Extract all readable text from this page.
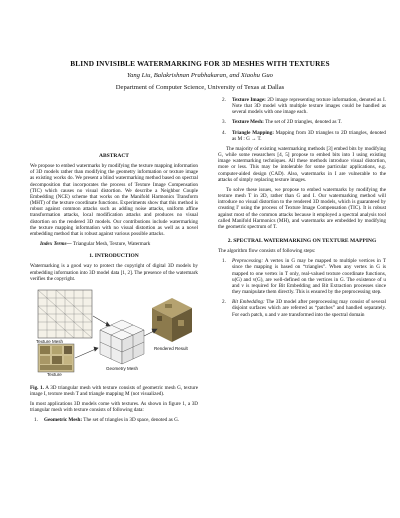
BLIND INVISIBLE WATERMARKING FOR 3D MESHES WITH TEXTURES
Yang Liu, Balakrishnan Prabhakaran, and Xiaohu Guo
Department of Computer Science, University of Texas at Dallas
ABSTRACT

We propose to embed watermarks by modifying the texture mapping information of 3D models rather than modifying the geometry information or texture image as existing works do. We present a blind watermarking method based on spectral decomposition that incorporates the process of Texture Image Compensation (TIC) which causes no visual distortion. We describe a Neighbor Couple Embedding (NCE) scheme that works on the Manifold Harmonics Transform (MHT) of the texture coordinate functions. Experiments show that this method is robust against common attacks such as adding noise attacks, uniform affine transformation attacks, local modification attacks and produces no visual distortion on the rendered 3D models. Our contributions include watermarking the texture mapping information with no visual distortion as well as a novel embedding method that is robust against various possible attacks.

Index Terms— Triangular Mesh, Texture, Watermark

1. INTRODUCTION

Watermarking is a good way to protect the copyright of digital 3D models by embedding information into 3D model data [1, 2]. The presence of the watermark verifies the copyright.

Texture Mesh
Texture
Geometry Mesh
Rendered Result

Fig. 1. A 3D triangular mesh with texture consists of geometric mesh G, texture image I, texture mesh T and triangle mapping M (not visualized).

In most applications 3D models come with textures. As shown in figure 1, a 3D triangular mesh with texture consists of following data:

1. Geometric Mesh: The set of triangles in 3D space, denoted as G.
2. Texture Image: 2D image representing texture information, denoted as I. Note that 3D model with multiple texture images could be handled as several models with one image each.
3. Texture Mesh: The set of 2D triangles, denoted as T.
4. Triangle Mapping: Mapping from 3D triangles to 2D triangles, denoted as M : G → T.

The majority of existing watermarking methods [3] embed bits by modifying G, while some researchers [4, 5] propose to embed bits into I using existing image watermarking techniques. All these methods introduce visual distortion, more or less. This may be intolerable for some particular applications, e.g. computer-aided design (CAD). Also, watermarks in I are vulnerable to the attacks of simply replacing texture images.

To solve these issues, we propose to embed watermarks by modifying the texture mesh T in 2D, rather than G and I. Our watermarking method will introduce no visual distortion to the rendered 3D models, which is guaranteed by creating I′ using the process of Texture Image Compensation (TIC). It is robust against most of the common attacks because it employed a spectral analysis tool called Manifold Harmonics (MH), and watermarks are embedded by modifying the geometric spectrum of T.

2. SPECTRAL WATERMARKING ON TEXTURE MAPPING

The algorithm flow consists of following steps:

1. Preprocessing: A vertex in G may be mapped to multiple vertices in T since the mapping is based on “triangles”. When any vertex in G is mapped to one vertex in T only, real-valued texture coordinate functions, u(G) and v(G), are well-defined on the vertices in G. The existence of u and v is required for Bit Embedding and Bit Extraction processes since they manipulate them directly. This is ensured by the preprocessing step.
2. Bit Embedding: The 3D model after preprocessing may consist of several disjoint surfaces which are referred as “patches” and handled separately. For each patch, u and v are transformed into the spectral domain
